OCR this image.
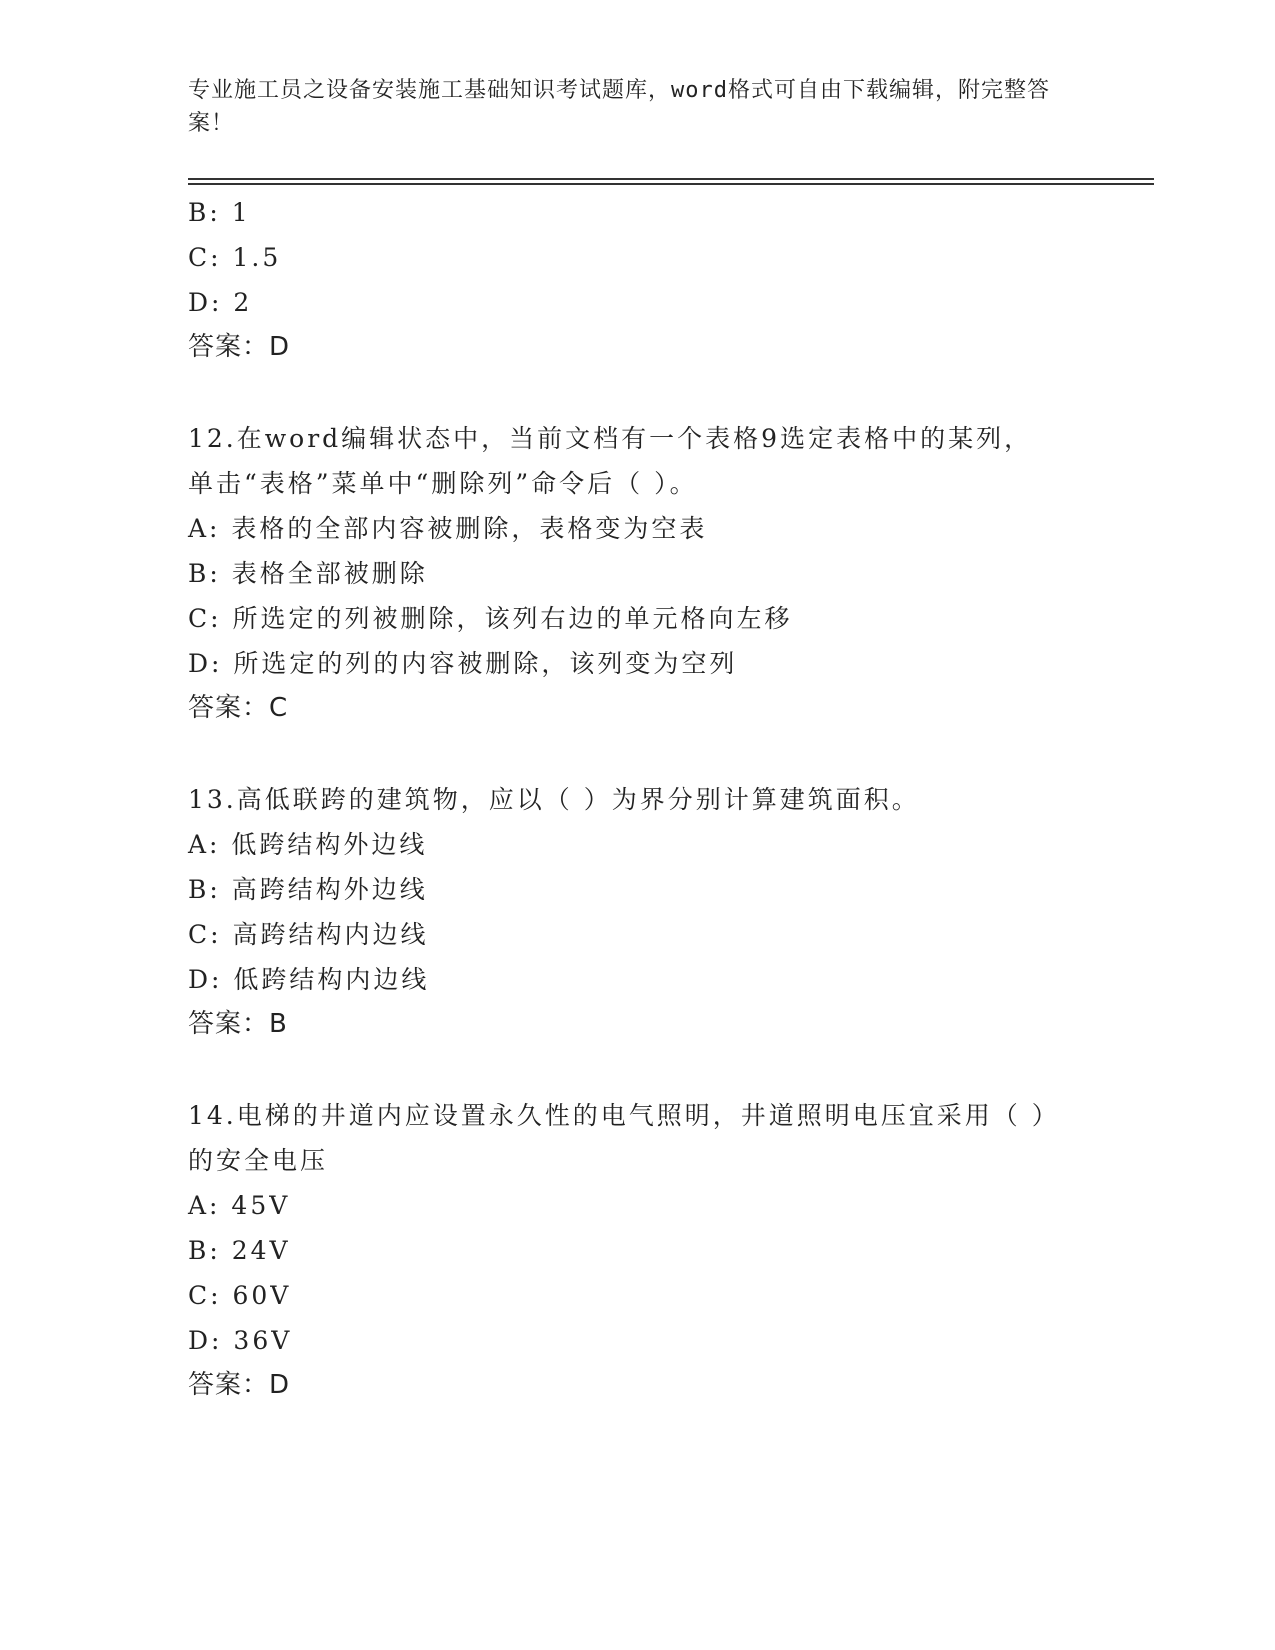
专业施工员之设备安装施工基础知识考试题库，word格式可自由下载编辑，附完整答案！
B: 1
C: 1.5
D: 2
答案：D
12.在word编辑状态中，当前文档有一个表格9选定表格中的某列，单击“表格”菜单中“删除列”命令后（ ）。
A: 表格的全部内容被删除，表格变为空表
B: 表格全部被删除
C: 所选定的列被删除，该列右边的单元格向左移
D: 所选定的列的内容被删除，该列变为空列
答案：C
13.高低联跨的建筑物，应以（ ）为界分别计算建筑面积。
A: 低跨结构外边线
B: 高跨结构外边线
C: 高跨结构内边线
D: 低跨结构内边线
答案：B
14.电梯的井道内应设置永久性的电气照明，井道照明电压宜采用（ ）的安全电压
A: 45V
B: 24V
C: 60V
D: 36V
答案：D
